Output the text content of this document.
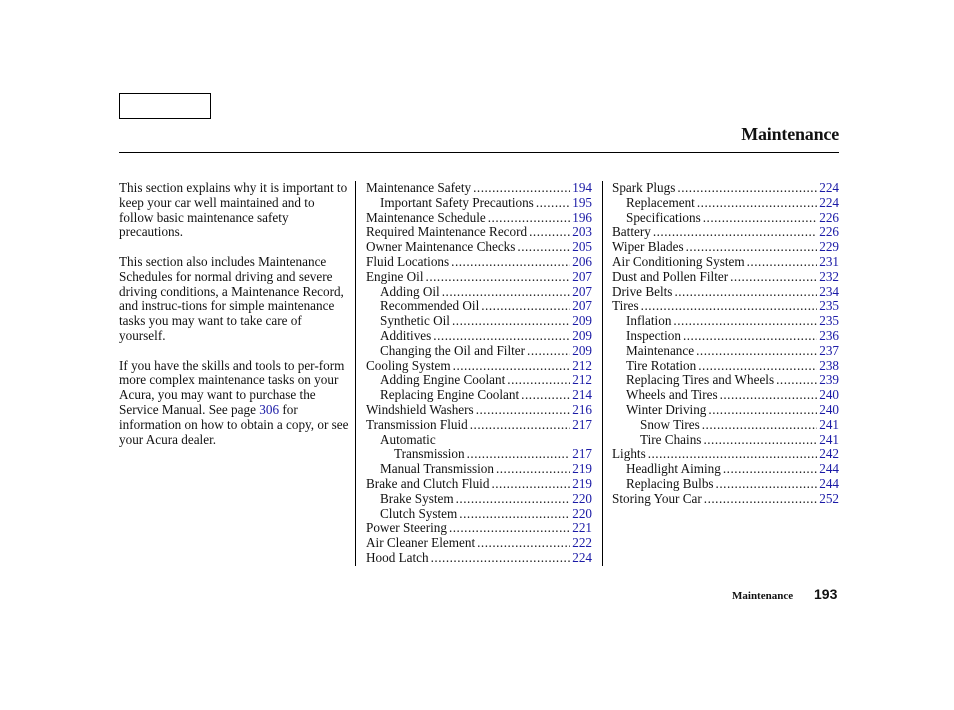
Maintenance

This section explains why it is important to keep your car well maintained and to follow basic maintenance safety precautions.

This section also includes Maintenance Schedules for normal driving and severe driving conditions, a Maintenance Record, and instruc-tions for simple maintenance tasks you may want to take care of yourself.

If you have the skills and tools to per-form more complex maintenance tasks on your Acura, you may want to purchase the Service Manual. See page 306 for information on how to obtain a copy, or see your Acura dealer.

Maintenance Safety .....	194
Important Safety Precautions .....	195
Maintenance Schedule .....	196
Required Maintenance Record .....	203
Owner Maintenance Checks .....	205
Fluid Locations .....	206
Engine Oil .....	207
Adding Oil .....	207
Recommended Oil .....	207
Synthetic Oil .....	209
Additives .....	209
Changing the Oil and Filter .....	209
Cooling System .....	212
Adding Engine Coolant .....	212
Replacing Engine Coolant .....	214
Windshield Washers .....	216
Transmission Fluid .....	217
Automatic
Transmission .....	217
Manual Transmission .....	219
Brake and Clutch Fluid .....	219
Brake System .....	220
Clutch System .....	220
Power Steering .....	221
Air Cleaner Element .....	222
Hood Latch .....	224
Spark Plugs .....	224
Replacement .....	224
Specifications .....	226
Battery .....	226
Wiper Blades .....	229
Air Conditioning System .....	231
Dust and Pollen Filter .....	232
Drive Belts .....	234
Tires .....	235
Inflation .....	235
Inspection .....	236
Maintenance .....	237
Tire Rotation .....	238
Replacing Tires and Wheels .....	239
Wheels and Tires .....	240
Winter Driving .....	240
Snow Tires .....	241
Tire Chains .....	241
Lights .....	242
Headlight Aiming .....	244
Replacing Bulbs .....	244
Storing Your Car .....	252
Maintenance 193
